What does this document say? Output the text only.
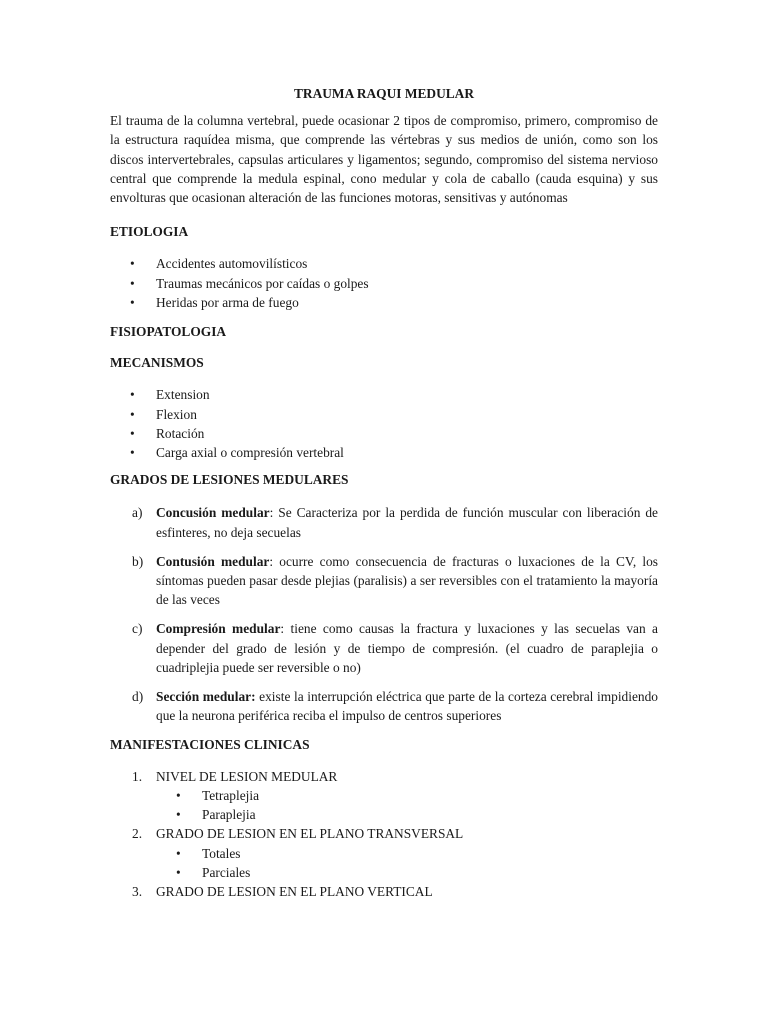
TRAUMA RAQUI MEDULAR

El trauma de la columna vertebral, puede ocasionar 2 tipos de compromiso, primero, compromiso de la estructura raquídea misma, que comprende las vértebras y sus medios de unión, como son los discos intervertebrales, capsulas articulares y ligamentos; segundo, compromiso del sistema nervioso central que comprende la medula espinal, cono medular y cola de caballo (cauda esquina) y sus envolturas que ocasionan alteración de las funciones motoras, sensitivas y autónomas

ETIOLOGIA

• Accidentes automovilísticos
• Traumas mecánicos por caídas o golpes
• Heridas por arma de fuego

FISIOPATOLOGIA

MECANISMOS

• Extension
• Flexion
• Rotación
• Carga axial o compresión vertebral

GRADOS DE LESIONES MEDULARES

a) Concusión medular: Se Caracteriza por la perdida de función muscular con liberación de esfinteres, no deja secuelas
b) Contusión medular: ocurre como consecuencia de fracturas o luxaciones de la CV, los síntomas pueden pasar desde plejias (paralisis) a ser reversibles con el tratamiento la mayoría de las veces
c) Compresión medular: tiene como causas la fractura y luxaciones y las secuelas van a depender del grado de lesión y de tiempo de compresión. (el cuadro de paraplejia o cuadriplejia puede ser reversible o no)
d) Sección medular: existe la interrupción eléctrica que parte de la corteza cerebral impidiendo que la neurona periférica reciba el impulso de centros superiores

MANIFESTACIONES CLINICAS

1. NIVEL DE LESION MEDULAR
• Tetraplejia
• Paraplejia
2. GRADO DE LESION EN EL PLANO TRANSVERSAL
• Totales
• Parciales
3. GRADO DE LESION EN EL PLANO VERTICAL
